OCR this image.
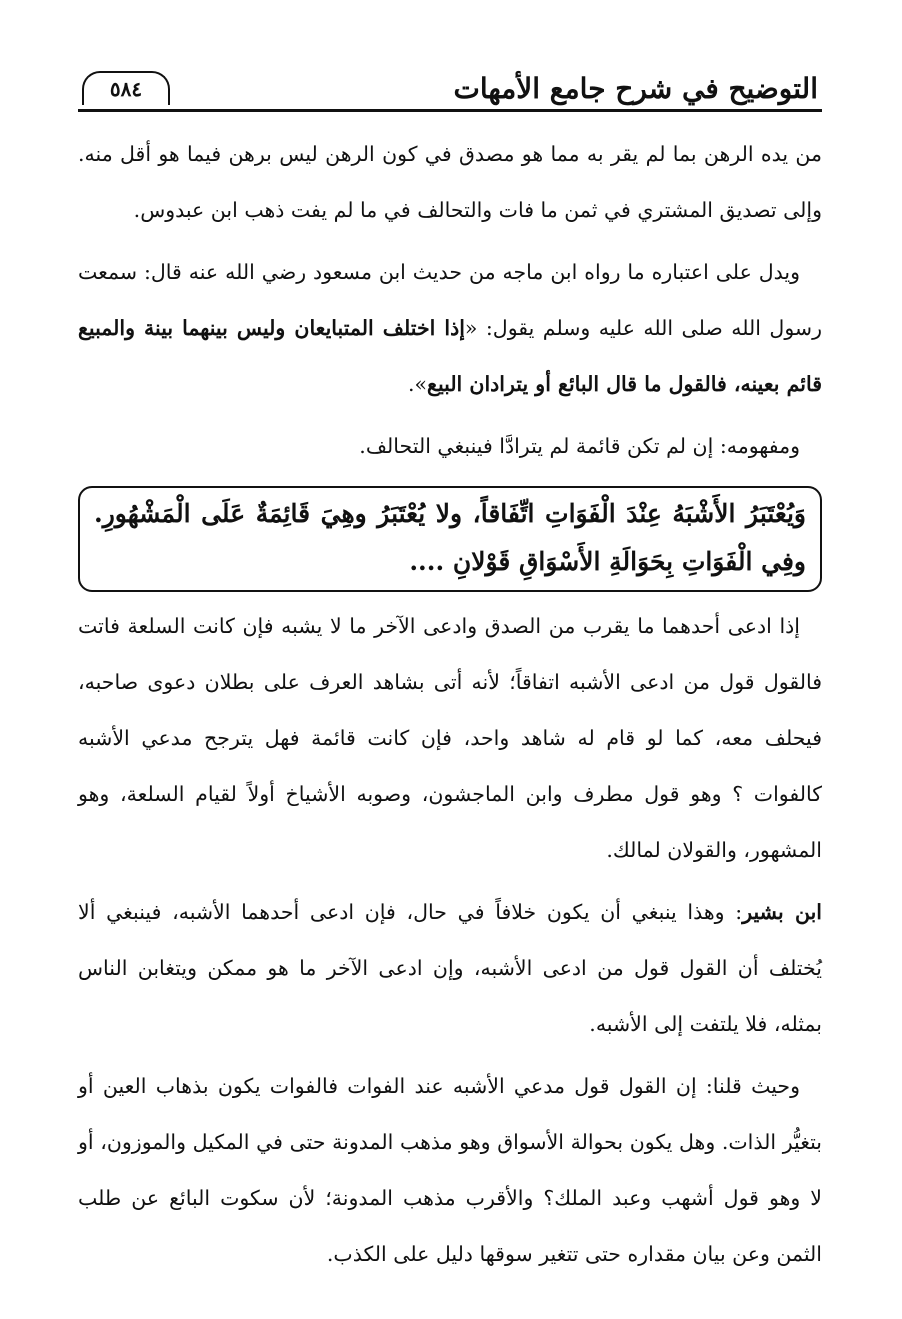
التوضيح في شرح جامع الأمهات
٥٨٤

من يده الرهن بما لم يقر به مما هو مصدق في كون الرهن ليس برهن فيما هو أقل منه. وإلى تصديق المشتري في ثمن ما فات والتحالف في ما لم يفت ذهب ابن عبدوس.

ويدل على اعتباره ما رواه ابن ماجه من حديث ابن مسعود رضي الله عنه قال: سمعت رسول الله صلى الله عليه وسلم يقول: «إذا اختلف المتبايعان وليس بينهما بينة والمبيع قائم بعينه، فالقول ما قال البائع أو يترادان البيع».

ومفهومه: إن لم تكن قائمة لم يترادَّا فينبغي التحالف.

وَيُعْتَبَرُ الأَشْبَهُ عِنْدَ الْفَوَاتِ اتِّفَاقاً، ولا يُعْتَبَرُ وهِيَ قَائِمَةٌ عَلَى الْمَشْهُورِ. وفِي الْفَوَاتِ بِحَوَالَةِ الأَسْوَاقِ قَوْلانِ ....

إذا ادعى أحدهما ما يقرب من الصدق وادعى الآخر ما لا يشبه فإن كانت السلعة فاتت فالقول قول من ادعى الأشبه اتفاقاً؛ لأنه أتى بشاهد العرف على بطلان دعوى صاحبه، فيحلف معه، كما لو قام له شاهد واحد، فإن كانت قائمة فهل يترجح مدعي الأشبه كالفوات ؟ وهو قول مطرف وابن الماجشون، وصوبه الأشياخ أولاً لقيام السلعة، وهو المشهور، والقولان لمالك.

ابن بشير: وهذا ينبغي أن يكون خلافاً في حال، فإن ادعى أحدهما الأشبه، فينبغي ألا يُختلف أن القول قول من ادعى الأشبه، وإن ادعى الآخر ما هو ممكن ويتغابن الناس بمثله، فلا يلتفت إلى الأشبه.

وحيث قلنا: إن القول قول مدعي الأشبه عند الفوات فالفوات يكون بذهاب العين أو بتغيُّر الذات. وهل يكون بحوالة الأسواق وهو مذهب المدونة حتى في المكيل والموزون، أو لا وهو قول أشهب وعبد الملك؟ والأقرب مذهب المدونة؛ لأن سكوت البائع عن طلب الثمن وعن بيان مقداره حتى تتغير سوقها دليل على الكذب.
